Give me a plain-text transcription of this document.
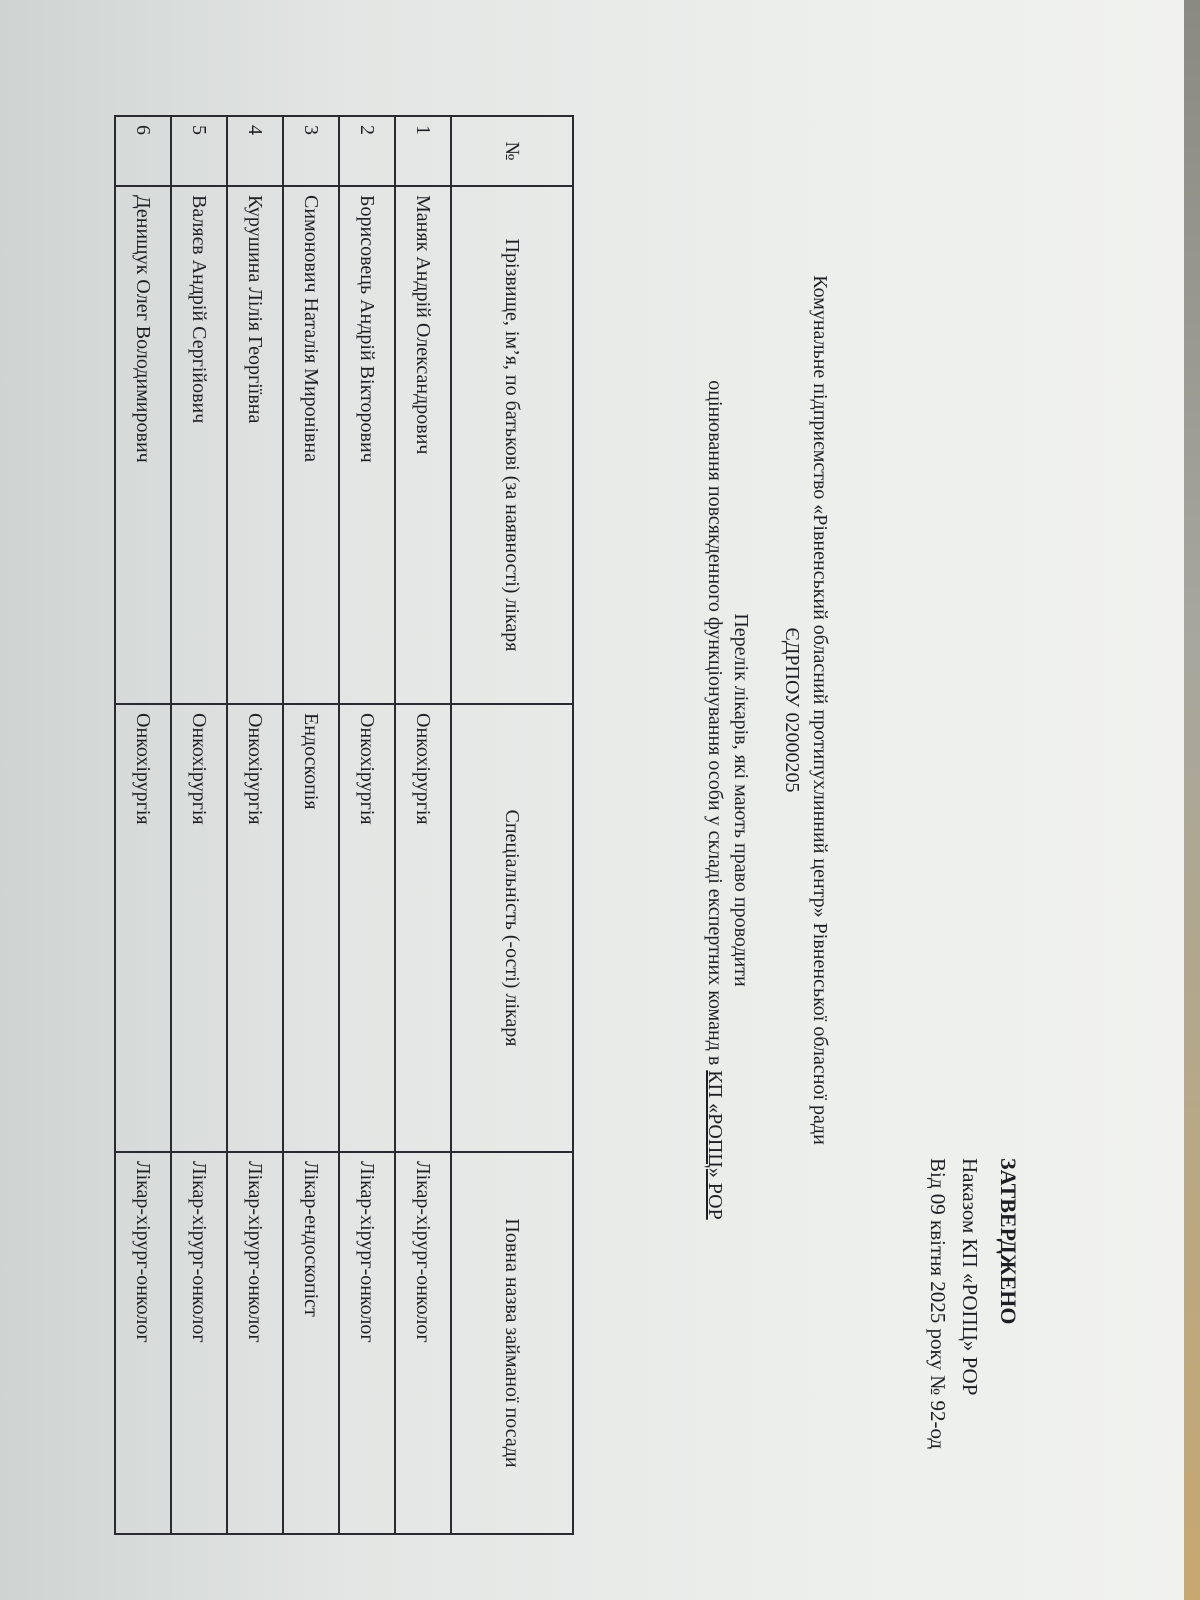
ЗАТВЕРДЖЕНО
Наказом КП «РОПЦ» РОР
Від 09 квітня 2025 року № 92-од
Комунальне підприємство «Рівненський обласний протипухлинний центр» Рівненської обласної ради
ЄДРПОУ 02000205
Перелік лікарів, які мають право проводити
оцінювання повсякденного функціонування особи у складі експертних команд в КП «РОПЦ» РОР
№	Прізвище, ім’я, по батькові (за наявності) лікаря	Спеціальність (-ості) лікаря	Повна назва займаної посади
1	Маняк Андрій Олександрович	Онкохірургія	Лікар-хірург-онколог
2	Борисовець Андрій Вікторович	Онкохірургія	Лікар-хірург-онколог
3	Симонович Наталія Миронівна	Ендоскопія	Лікар-ендоскопіст
4	Курушина Лілія Георгіївна	Онкохірургія	Лікар-хірург-онколог
5	Валяєв Андрій Сергійович	Онкохірургія	Лікар-хірург-онколог
6	Денищук Олег Володимирович	Онкохірургія	Лікар-хірург-онколог
